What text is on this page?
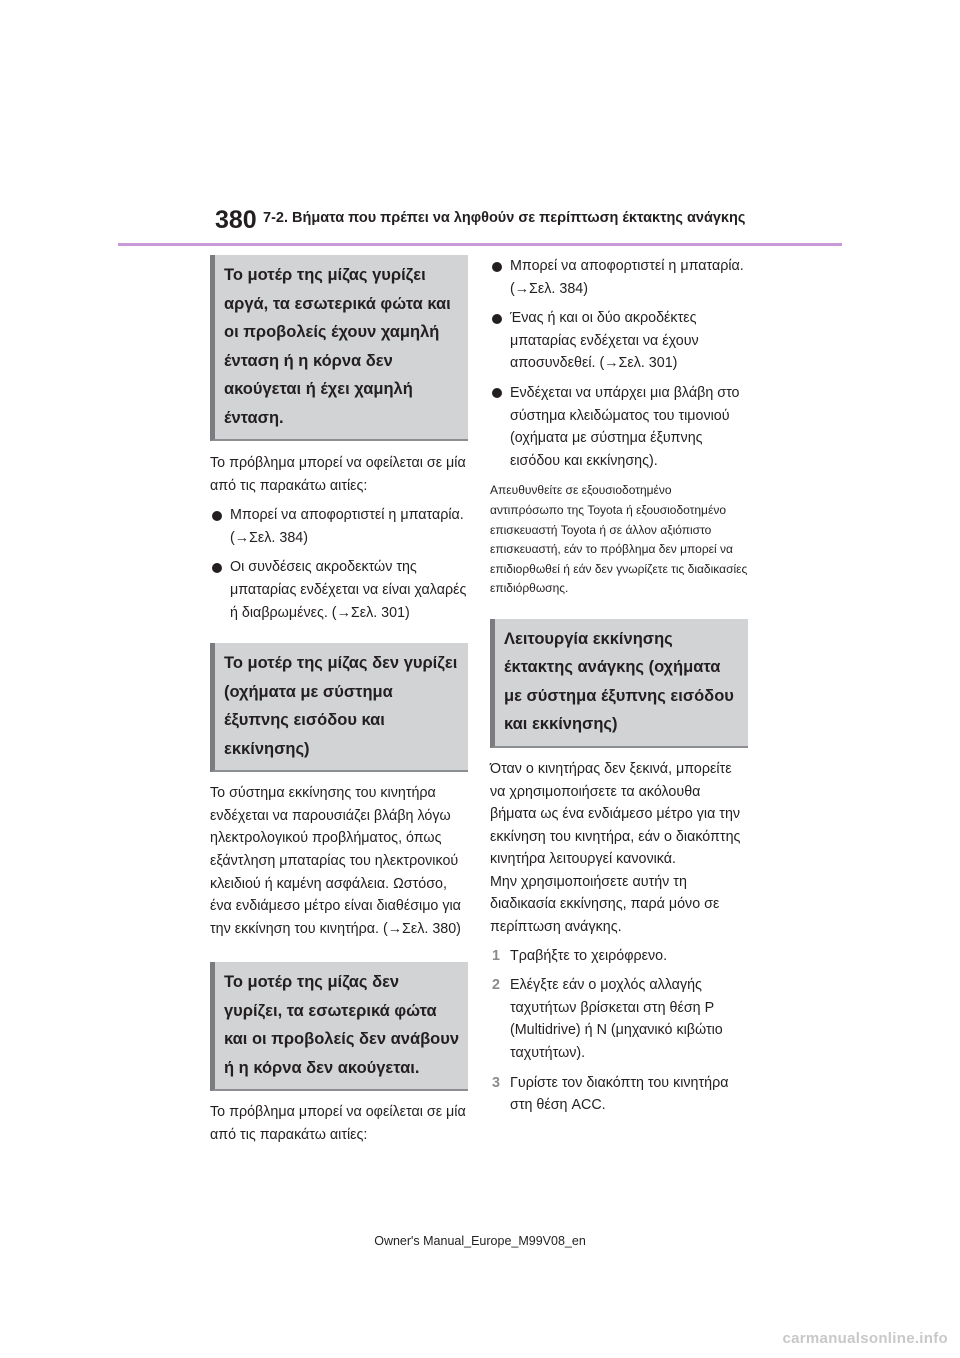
380 7-2. Βήματα που πρέπει να ληφθούν σε περίπτωση έκτακτης ανάγκης
Το μοτέρ της μίζας γυρίζει αργά, τα εσωτερικά φώτα και οι προβολείς έχουν χαμηλή ένταση ή η κόρνα δεν ακούγεται ή έχει χαμηλή ένταση.
Το πρόβλημα μπορεί να οφείλεται σε μία από τις παρακάτω αιτίες:
Μπορεί να αποφορτιστεί η μπαταρία. (→Σελ. 384)
Οι συνδέσεις ακροδεκτών της μπαταρίας ενδέχεται να είναι χαλαρές ή διαβρωμένες. (→Σελ. 301)
Το μοτέρ της μίζας δεν γυρίζει (οχήματα με σύστημα έξυπνης εισόδου και εκκίνησης)
Το σύστημα εκκίνησης του κινητήρα ενδέχεται να παρουσιάζει βλάβη λόγω ηλεκτρολογικού προβλήματος, όπως εξάντληση μπαταρίας του ηλεκτρονικού κλειδιού ή καμένη ασφάλεια. Ωστόσο, ένα ενδιάμεσο μέτρο είναι διαθέσιμο για την εκκίνηση του κινητήρα. (→Σελ. 380)
Το μοτέρ της μίζας δεν γυρίζει, τα εσωτερικά φώτα και οι προβολείς δεν ανάβουν ή η κόρνα δεν ακούγεται.
Το πρόβλημα μπορεί να οφείλεται σε μία από τις παρακάτω αιτίες:
Μπορεί να αποφορτιστεί η μπαταρία. (→Σελ. 384)
Ένας ή και οι δύο ακροδέκτες μπαταρίας ενδέχεται να έχουν αποσυνδεθεί. (→Σελ. 301)
Ενδέχεται να υπάρχει μια βλάβη στο σύστημα κλειδώματος του τιμονιού (οχήματα με σύστημα έξυπνης εισόδου και εκκίνησης).
Απευθυνθείτε σε εξουσιοδοτημένο αντιπρόσωπο της Toyota ή εξουσιοδοτημένο επισκευαστή Toyota ή σε άλλον αξιόπιστο επισκευαστή, εάν το πρόβλημα δεν μπορεί να επιδιορθωθεί ή εάν δεν γνωρίζετε τις διαδικασίες επιδιόρθωσης.
Λειτουργία εκκίνησης έκτακτης ανάγκης (οχήματα με σύστημα έξυπνης εισόδου και εκκίνησης)
Όταν ο κινητήρας δεν ξεκινά, μπορείτε να χρησιμοποιήσετε τα ακόλουθα βήματα ως ένα ενδιάμεσο μέτρο για την εκκίνηση του κινητήρα, εάν ο διακόπτης κινητήρα λειτουργεί κανονικά.
Μην χρησιμοποιήσετε αυτήν τη διαδικασία εκκίνησης, παρά μόνο σε περίπτωση ανάγκης.
1 Τραβήξτε το χειρόφρενο.
2 Ελέγξτε εάν ο μοχλός αλλαγής ταχυτήτων βρίσκεται στη θέση P (Multidrive) ή N (μηχανικό κιβώτιο ταχυτήτων).
3 Γυρίστε τον διακόπτη του κινητήρα στη θέση ACC.
Owner's Manual_Europe_M99V08_en
carmanualsonline.info
